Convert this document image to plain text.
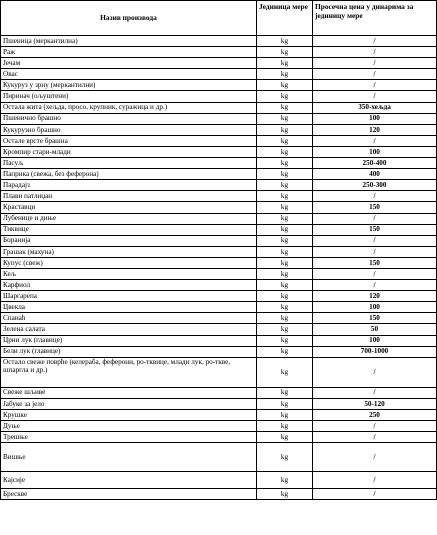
Назив производа	Јединица мере	Просечна цена у динарима за јединицу мере
Пшеница (меркантилна)	kg	/
Раж	kg	/
Јечам	kg	/
Овас	kg	/
Кукуруз у зрну (меркантилни)	kg	/
Пиринач (oљуштени)	kg	/
Остала жита (хељда, просо, крупник, суражица и др.)	kg	350-хељда
Пшенично брашно	kg	100
Кукурузно брашно	kg	120
Остале врсте брашна	kg	/
Кромпир стари-млади	kg	100
Пасуљ	kg	250-400
Паприка (свежа, без феферона)	kg	400
Парадајз	kg	250-300
Плави патлиџан	kg	/
Краставци	kg	150
Лубенице и диње	kg	/
Тиквице	kg	150
Боранија	kg	/
Грашак (махуна)	kg	/
Купус (свеж)	kg	150
Кељ	kg	/
Карфиол	kg	/
Шаргарепа	kg	120
Цвекла	kg	100
Спанаћ	kg	150
Зелена салата	kg	50
Црни лук (главице)	kg	100
Бели лук (главице)	kg	700-1000
Остало свеже поврће (келераба, феферони, ро-тквице, млади лук, ро-ткве, шпаргла и др.)	kg	/
Свеже шљиве	kg	/
Јабуке за јело	kg	50-120
Крушке	kg	250
Дуње	kg	/
Трешње	kg	/
Вишње	kg	/
Кајсије	kg	/
Брескве	kg	/
